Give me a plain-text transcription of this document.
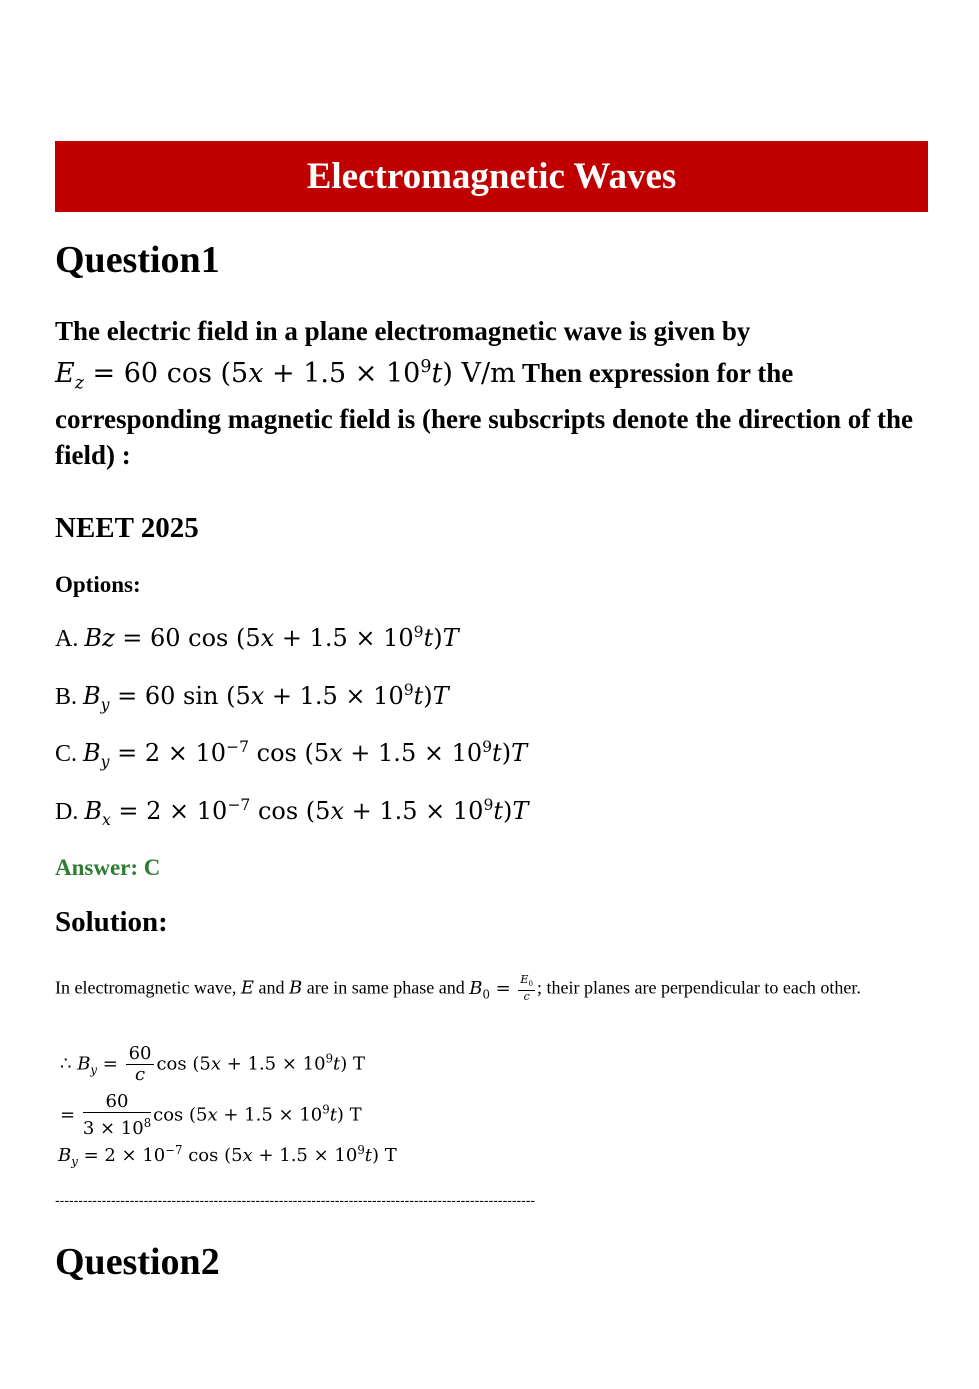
Electromagnetic Waves
Question1
The electric field in a plane electromagnetic wave is given by
$E_z = 60$ $\cos (5x + 1.5 \times 10^9t)$ V/m Then expression for the corresponding magnetic field is (here subscripts denote the direction of the field) :
NEET 2025
Options:
A. Bz = 60 $\cos (5x + 1.5 \times 10^9t)T$
B. $B_y = 60$ $\sin (5x + 1.5 \times 10^9t)T$
C. $B_y = 2 \times 10^{-7}$ $\cos (5x + 1.5 \times 10^9t)T$
D. $B_x = 2 \times 10^{-7}$ $\cos (5x + 1.5 \times 10^9t)T$
Answer: C
Solution:
In electromagnetic wave, E and B are in same phase and $B_0 = \frac{E_0}{c}$ ; their planes are perpendicular to each other.
∴ $B_y = \frac{60}{c}$ $\cos (5x + 1.5 \times 10^9t)$ T
= $\frac{60}{3 \times 10^8}$ $\cos (5x + 1.5 \times 10^9t)$ T
$B_y = 2 \times 10^{-7}$ $\cos (5x + 1.5 \times 10^9t)$ T
-------------------------------------------------------------------------------------------------------
Question2
